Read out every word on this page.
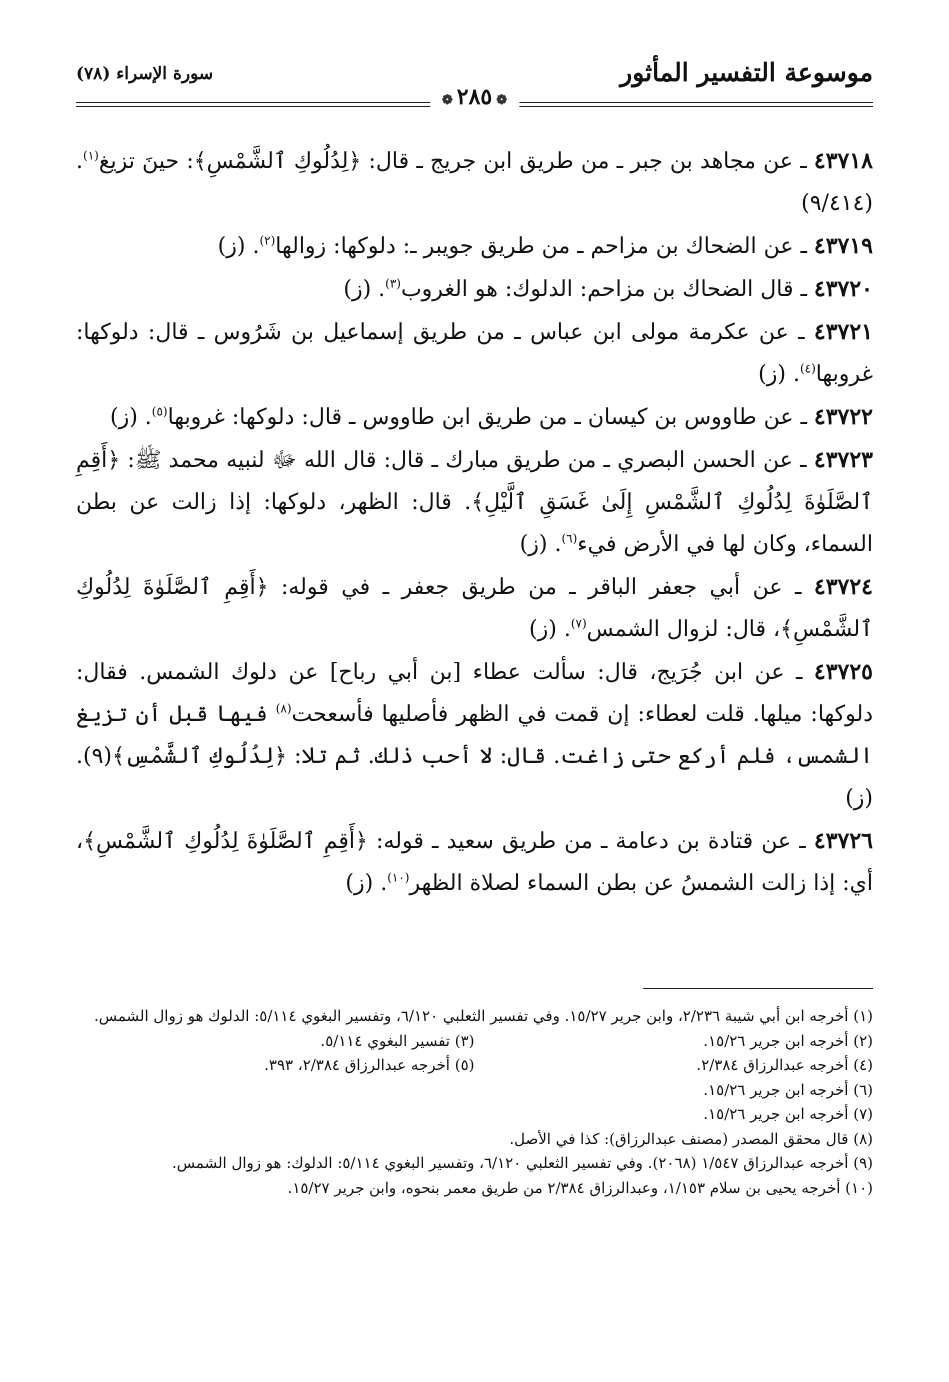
موسوعة التفسير المأثور
سورة الإسراء (٧٨)
❁٢٨٥❁

٤٣٧١٨ ـ عن مجاهد بن جبر ـ من طريق ابن جريج ـ قال: ﴿لِدُلُوكِ ٱلشَّمْسِ﴾: حينَ تزيغ$^{(١)}$. (٩/٤١٤)

٤٣٧١٩ ـ عن الضحاك بن مزاحم ـ من طريق جويبر ـ: دلوكها: زوالها$^{(٢)}$. (ز)

٤٣٧٢٠ ـ قال الضحاك بن مزاحم: الدلوك: هو الغروب$^{(٣)}$. (ز)

٤٣٧٢١ ـ عن عكرمة مولى ابن عباس ـ من طريق إسماعيل بن شَرُوس ـ قال: دلوكها: غروبها$^{(٤)}$. (ز)

٤٣٧٢٢ ـ عن طاووس بن كيسان ـ من طريق ابن طاووس ـ قال: دلوكها: غروبها$^{(٥)}$. (ز)

٤٣٧٢٣ ـ عن الحسن البصري ـ من طريق مبارك ـ قال: قال الله ﷻ لنبيه محمد ﷺ: ﴿أَقِمِ ٱلصَّلَوٰةَ لِدُلُوكِ ٱلشَّمْسِ إِلَىٰ غَسَقِ ٱلَّيْلِ﴾. قال: الظهر، دلوكها: إذا زالت عن بطن السماء، وكان لها في الأرض فيء$^{(٦)}$. (ز)

٤٣٧٢٤ ـ عن أبي جعفر الباقر ـ من طريق جعفر ـ في قوله: ﴿أَقِمِ ٱلصَّلَوٰةَ لِدُلُوكِ ٱلشَّمْسِ﴾، قال: لزوال الشمس$^{(٧)}$. (ز)

٤٣٧٢٥ ـ عن ابن جُرَيج، قال: سألت عطاء [بن أبي رباح] عن دلوك الشمس. فقال: دلوكها: ميلها. قلت لعطاء: إن قمت في الظهر فأصليها فأسعحت$^{(٨)}$ فيها قبل أن تزيغ الشمس، فلم أركع حتى زاغت. قال: لا أحب ذلك. ثم تلا: ﴿لِدُلُوكِ ٱلشَّمْسِ﴾(٩). (ز)

٤٣٧٢٦ ـ عن قتادة بن دعامة ـ من طريق سعيد ـ قوله: ﴿أَقِمِ ٱلصَّلَوٰةَ لِدُلُوكِ ٱلشَّمْسِ﴾، أي: إذا زالت الشمسُ عن بطن السماء لصلاة الظهر$^{(١٠)}$. (ز)

(١) أخرجه ابن أبي شيبة ٢/٢٣٦، وابن جرير ١٥/٢٧. وفي تفسير الثعلبي ٦/١٢٠، وتفسير البغوي ٥/١١٤: الدلوك هو زوال الشمس.

(٢) أخرجه ابن جرير ١٥/٢٦.

(٣) تفسير البغوي ٥/١١٤.

(٤) أخرجه عبدالرزاق ٢/٣٨٤.

(٥) أخرجه عبدالرزاق ٢/٣٨٤، ٣٩٣.

(٦) أخرجه ابن جرير ١٥/٢٦.

(٧) أخرجه ابن جرير ١٥/٢٦.

(٨) قال محقق المصدر (مصنف عبدالرزاق): كذا في الأصل.

(٩) أخرجه عبدالرزاق ١/٥٤٧ (٢٠٦٨). وفي تفسير الثعلبي ٦/١٢٠، وتفسير البغوي ٥/١١٤: الدلوك: هو زوال الشمس.

(١٠) أخرجه يحيى بن سلام ١/١٥٣، وعبدالرزاق ٢/٣٨٤ من طريق معمر بنحوه، وابن جرير ١٥/٢٧.
